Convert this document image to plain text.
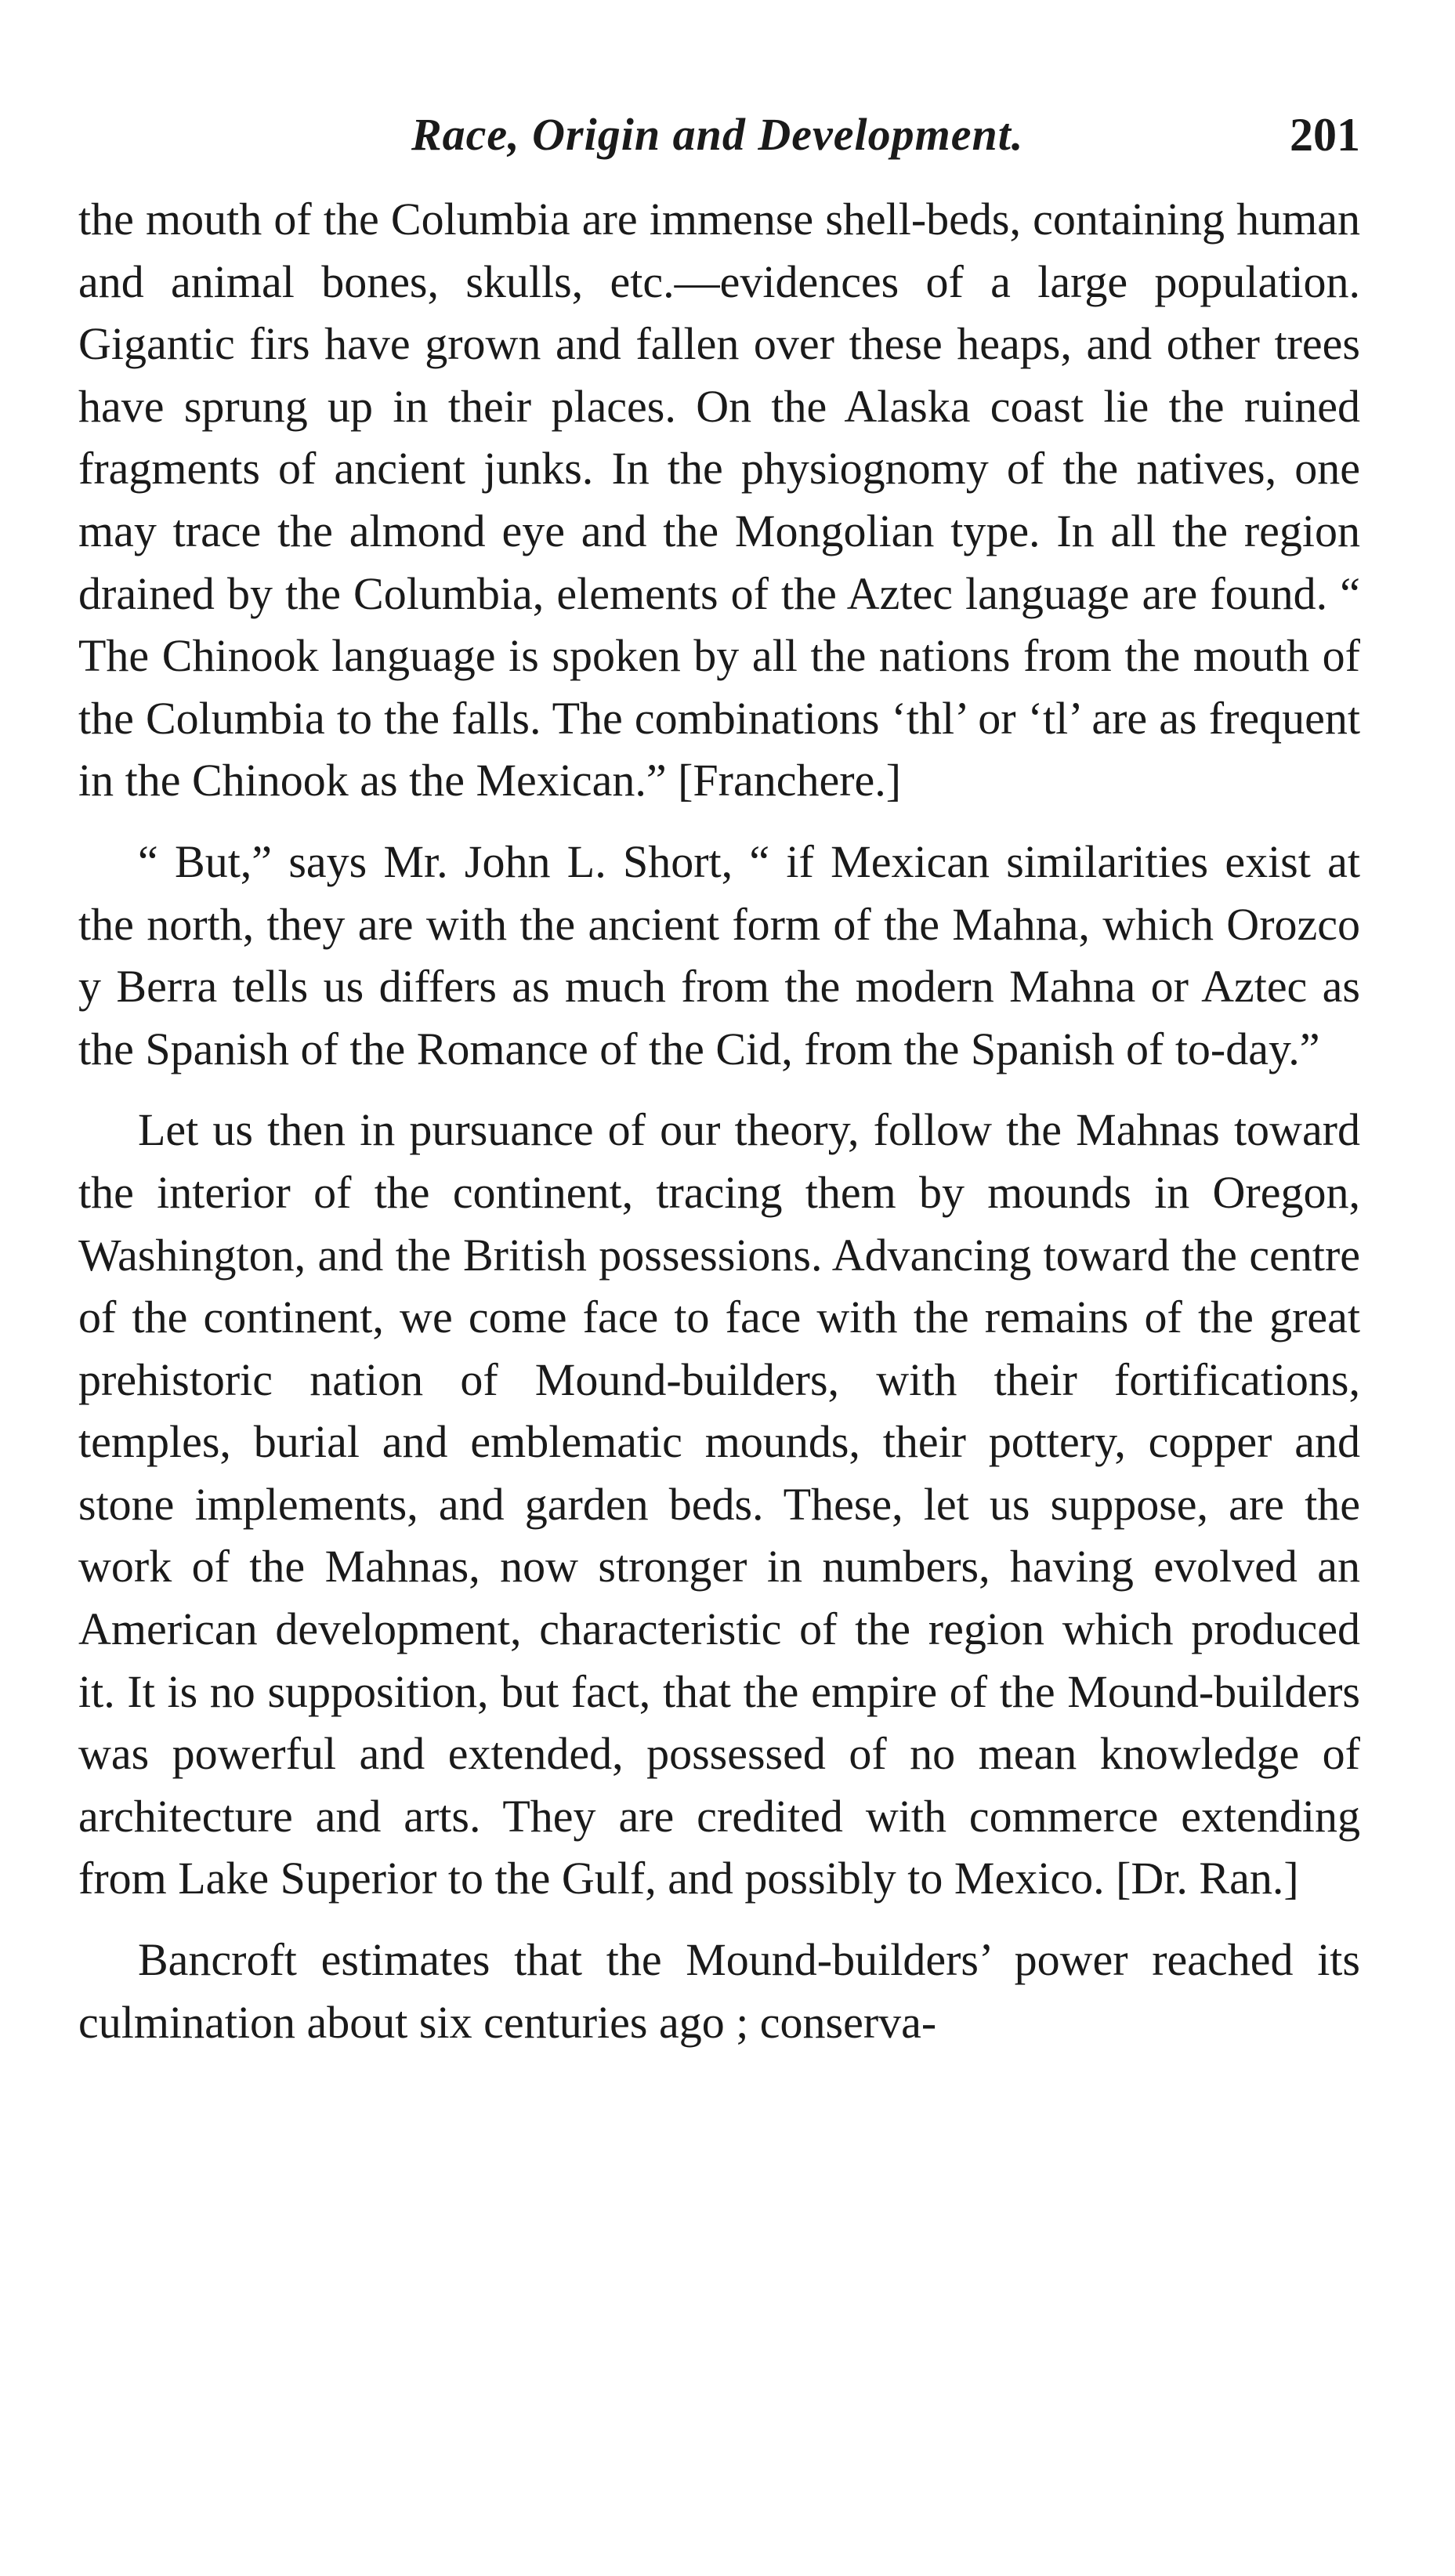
Race, Origin and Development.	201

the mouth of the Columbia are immense shell-beds, containing human and animal bones, skulls, etc.—evidences of a large population. Gigantic firs have grown and fallen over these heaps, and other trees have sprung up in their places. On the Alaska coast lie the ruined fragments of ancient junks. In the physiognomy of the natives, one may trace the almond eye and the Mongolian type. In all the region drained by the Columbia, elements of the Aztec language are found. “ The Chinook language is spoken by all the nations from the mouth of the Columbia to the falls. The combinations ‘thl’ or ‘tl’ are as frequent in the Chinook as the Mexican.” [Franchere.]

“ But,” says Mr. John L. Short, “ if Mexican similarities exist at the north, they are with the ancient form of the Mahna, which Orozco y Berra tells us differs as much from the modern Mahna or Aztec as the Spanish of the Romance of the Cid, from the Spanish of to-day.”

Let us then in pursuance of our theory, follow the Mahnas toward the interior of the continent, tracing them by mounds in Oregon, Washington, and the British possessions. Advancing toward the centre of the continent, we come face to face with the remains of the great prehistoric nation of Mound-builders, with their fortifications, temples, burial and emblematic mounds, their pottery, copper and stone implements, and garden beds. These, let us suppose, are the work of the Mahnas, now stronger in numbers, having evolved an American development, characteristic of the region which produced it. It is no supposition, but fact, that the empire of the Mound-builders was powerful and extended, possessed of no mean knowledge of architecture and arts. They are credited with commerce extending from Lake Superior to the Gulf, and possibly to Mexico. [Dr. Ran.]

Bancroft estimates that the Mound-builders’ power reached its culmination about six centuries ago ; conserva-
